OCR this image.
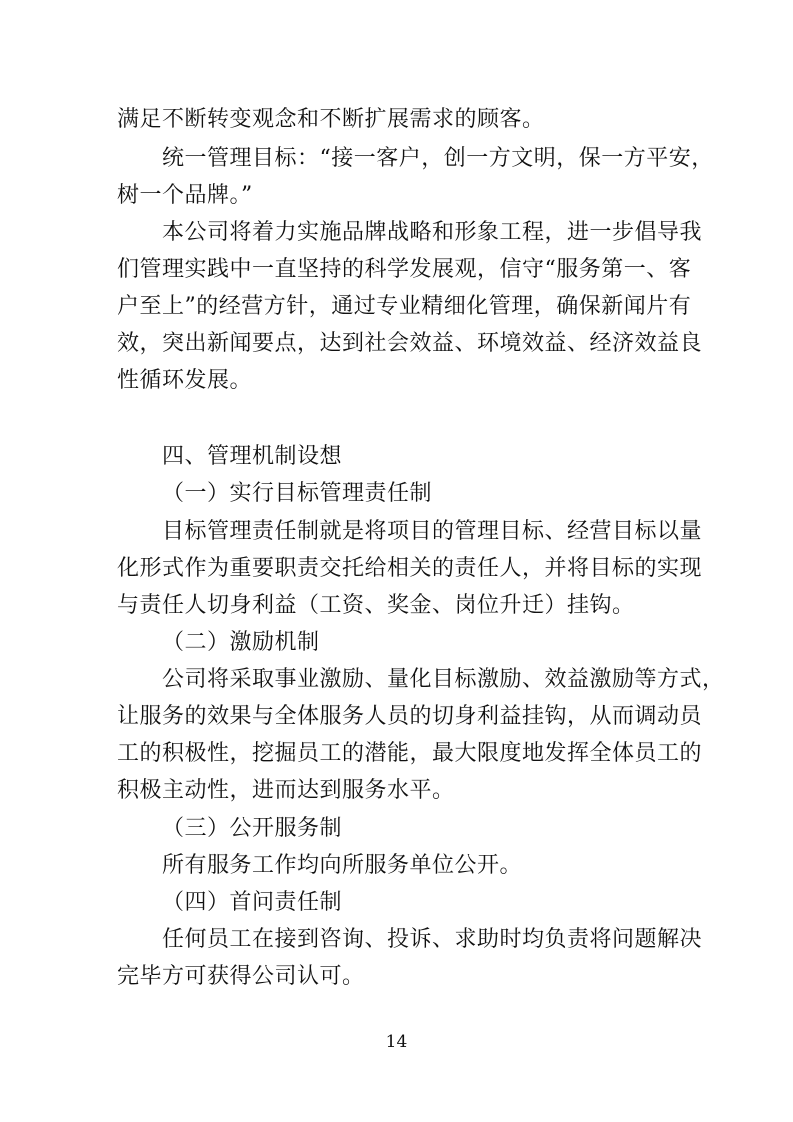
满足不断转变观念和不断扩展需求的顾客。
统一管理目标：“接一客户，创一方文明，保一方平安，
树一个品牌。”
本公司将着力实施品牌战略和形象工程，进一步倡导我
们管理实践中一直坚持的科学发展观，信守“服务第一、客
户至上”的经营方针，通过专业精细化管理，确保新闻片有
效，突出新闻要点，达到社会效益、环境效益、经济效益良
性循环发展。
四、管理机制设想
（一）实行目标管理责任制
目标管理责任制就是将项目的管理目标、经营目标以量
化形式作为重要职责交托给相关的责任人，并将目标的实现
与责任人切身利益（工资、奖金、岗位升迁）挂钩。
（二）激励机制
公司将采取事业激励、量化目标激励、效益激励等方式，
让服务的效果与全体服务人员的切身利益挂钩，从而调动员
工的积极性，挖掘员工的潜能，最大限度地发挥全体员工的
积极主动性，进而达到服务水平。
（三）公开服务制
所有服务工作均向所服务单位公开。
（四）首问责任制
任何员工在接到咨询、投诉、求助时均负责将问题解决
完毕方可获得公司认可。
14
